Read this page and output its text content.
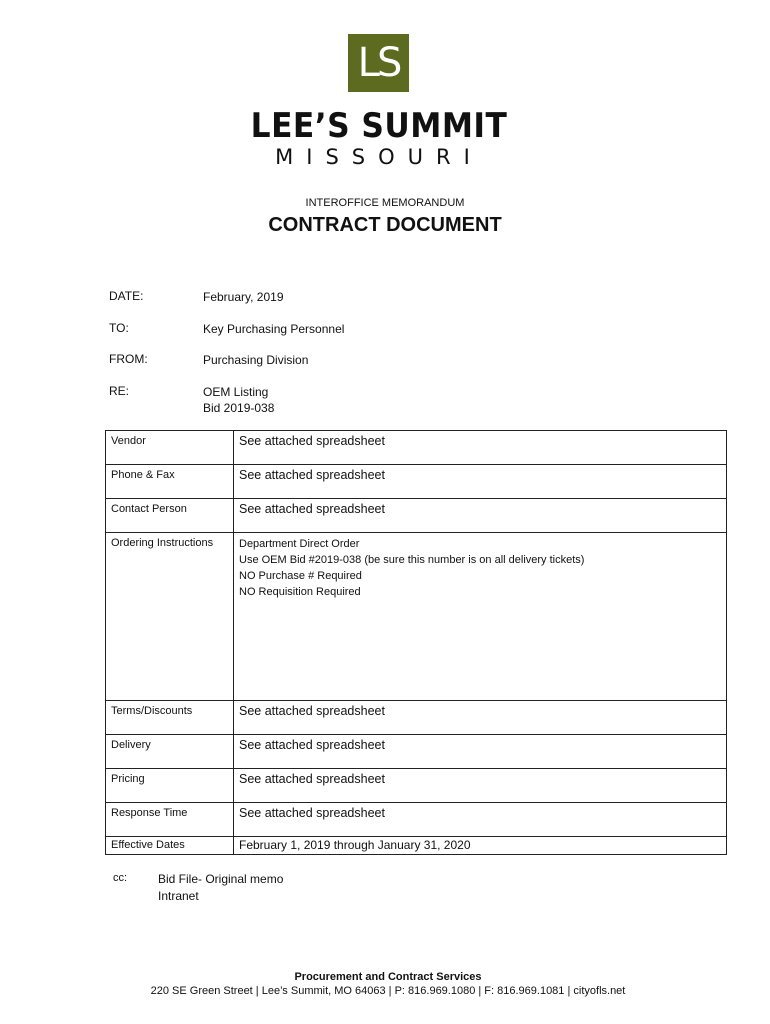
LS
LEE’S SUMMIT
MISSOURI
INTEROFFICE MEMORANDUM
CONTRACT DOCUMENT
DATE:	February, 2019
TO:	Key Purchasing Personnel
FROM:	Purchasing Division
RE:	OEM Listing
Bid 2019-038
Vendor	See attached spreadsheet
Phone & Fax	See attached spreadsheet
Contact Person	See attached spreadsheet
Ordering Instructions	Department Direct Order
Use OEM Bid #2019-038 (be sure this number is on all delivery tickets)
NO Purchase # Required
NO Requisition Required

Terms/Discounts	See attached spreadsheet
Delivery	See attached spreadsheet
Pricing	See attached spreadsheet
Response Time	See attached spreadsheet
Effective Dates	February 1, 2019 through January 31, 2020
cc:	Bid File- Original memo
Intranet
Procurement and Contract Services
220 SE Green Street | Lee’s Summit, MO 64063 | P: 816.969.1080 | F: 816.969.1081 | cityofls.net
